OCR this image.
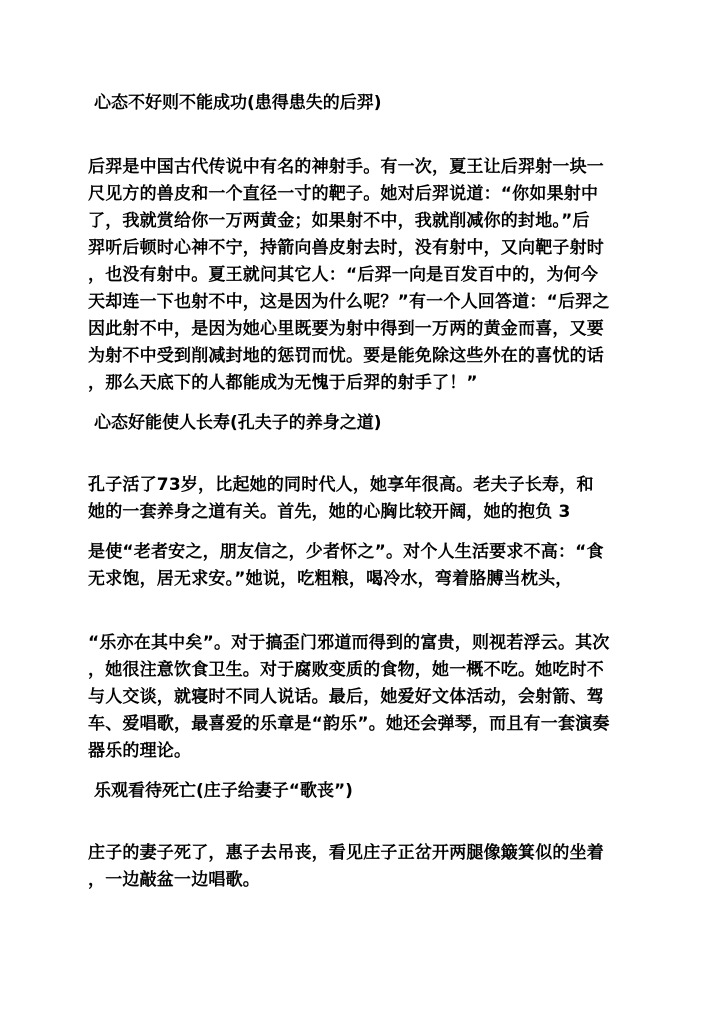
心态不好则不能成功(患得患失的后羿)
后羿是中国古代传说中有名的神射手。有一次，夏王让后羿射一块一
尺见方的兽皮和一个直径一寸的靶子。她对后羿说道：“你如果射中
了，我就赏给你一万两黄金；如果射不中，我就削减你的封地。”后
羿听后顿时心神不宁，持箭向兽皮射去时，没有射中，又向靶子射时
，也没有射中。夏王就问其它人：“后羿一向是百发百中的，为何今
天却连一下也射不中，这是因为什么呢？”有一个人回答道：“后羿之
因此射不中，是因为她心里既要为射中得到一万两的黄金而喜，又要
为射不中受到削减封地的惩罚而忧。要是能免除这些外在的喜忧的话
，那么天底下的人都能成为无愧于后羿的射手了！”
心态好能使人长寿(孔夫子的养身之道)
孔子活了73岁，比起她的同时代人，她享年很高。老夫子长寿，和
她的一套养身之道有关。首先，她的心胸比较开阔，她的抱负 3
是使“老者安之，朋友信之，少者怀之”。对个人生活要求不高：“食
无求饱，居无求安。”她说，吃粗粮，喝冷水，弯着胳膊当枕头，
“乐亦在其中矣”。对于搞歪门邪道而得到的富贵，则视若浮云。其次
，她很注意饮食卫生。对于腐败变质的食物，她一概不吃。她吃时不
与人交谈，就寝时不同人说话。最后，她爱好文体活动，会射箭、驾
车、爱唱歌，最喜爱的乐章是“韵乐”。她还会弹琴，而且有一套演奏
器乐的理论。
乐观看待死亡(庄子给妻子“歌丧”)
庄子的妻子死了，惠子去吊丧，看见庄子正岔开两腿像簸箕似的坐着
，一边敲盆一边唱歌。
